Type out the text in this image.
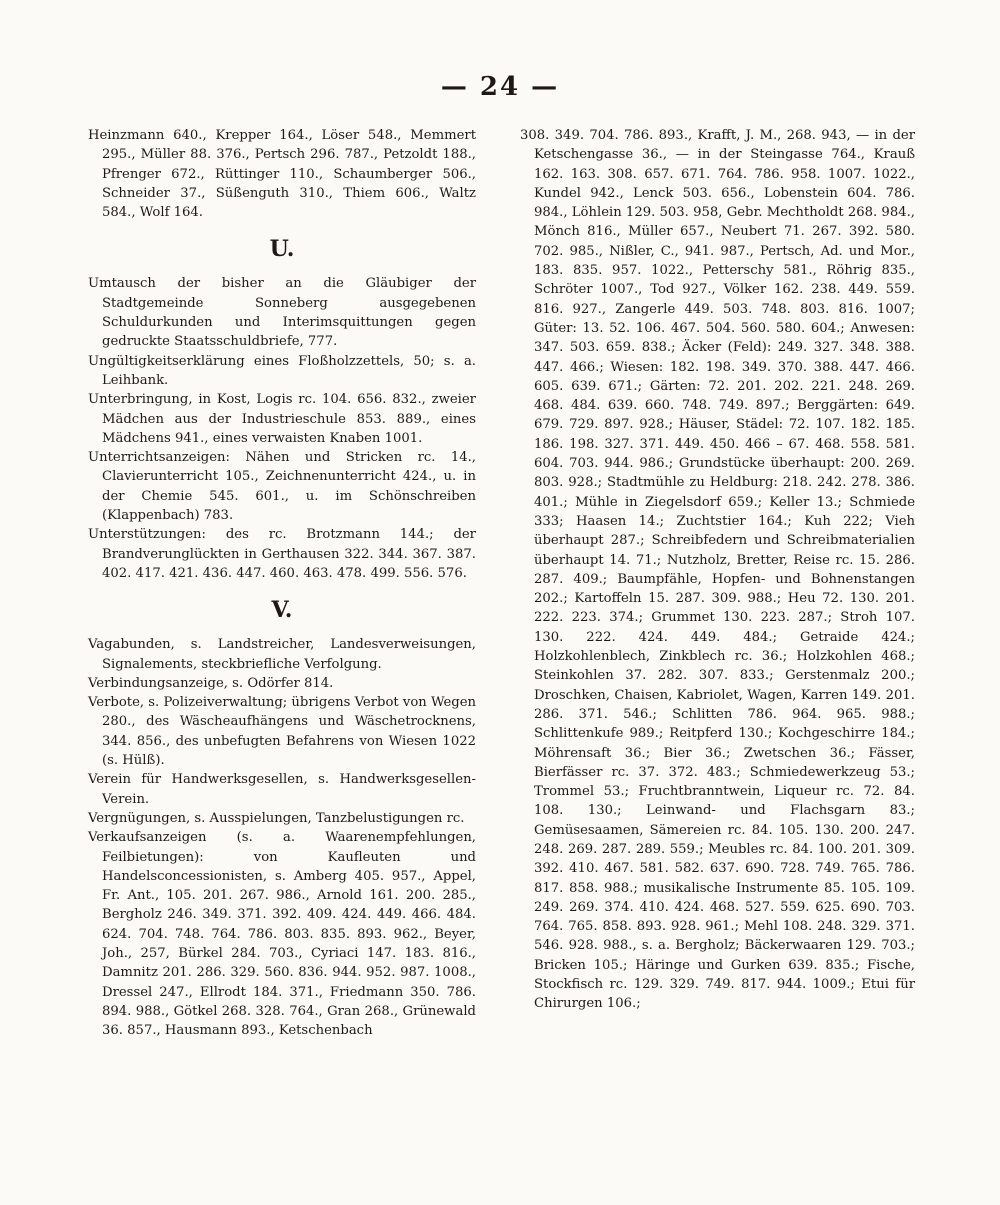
— 24 —

Heinzmann 640., Krepper 164., Löser 548., Memmert 295., Müller 88. 376., Pertsch 296. 787., Petzoldt 188., Pfrenger 672., Rüttinger 110., Schaumberger 506., Schneider 37., Süßenguth 310., Thiem 606., Waltz 584., Wolf 164.

U.

Umtausch der bisher an die Gläubiger der Stadtgemeinde Sonneberg ausgegebenen Schuldurkunden und Interimsquittungen gegen gedruckte Staatsschuldbriefe, 777.

Ungültigkeitserklärung eines Floßholzzettels, 50; s. a. Leihbank.

Unterbringung, in Kost, Logis rc. 104. 656. 832., zweier Mädchen aus der Industrieschule 853. 889., eines Mädchens 941., eines verwaisten Knaben 1001.

Unterrichtsanzeigen: Nähen und Stricken rc. 14., Clavierunterricht 105., Zeichnenunterricht 424., u. in der Chemie 545. 601., u. im Schönschreiben (Klappenbach) 783.

Unterstützungen: des rc. Brotzmann 144.; der Brandverunglückten in Gerthausen 322. 344. 367. 387. 402. 417. 421. 436. 447. 460. 463. 478. 499. 556. 576.

V.

Vagabunden, s. Landstreicher, Landesverweisungen, Signalements, steckbriefliche Verfolgung.

Verbindungsanzeige, s. Odörfer 814.

Verbote, s. Polizeiverwaltung; übrigens Verbot von Wegen 280., des Wäscheaufhängens und Wäschetrocknens, 344. 856., des unbefugten Befahrens von Wiesen 1022 (s. Hülß).

Verein für Handwerksgesellen, s. Handwerksgesellen-Verein.

Vergnügungen, s. Ausspielungen, Tanzbelustigungen rc.

Verkaufsanzeigen (s. a. Waarenempfehlungen, Feilbietungen): von Kaufleuten und Handelsconcessionisten, s. Amberg 405. 957., Appel, Fr. Ant., 105. 201. 267. 986., Arnold 161. 200. 285., Bergholz 246. 349. 371. 392. 409. 424. 449. 466. 484. 624. 704. 748. 764. 786. 803. 835. 893. 962., Beyer, Joh., 257, Bürkel 284. 703., Cyriaci 147. 183. 816., Damnitz 201. 286. 329. 560. 836. 944. 952. 987. 1008., Dressel 247., Ellrodt 184. 371., Friedmann 350. 786. 894. 988., Götkel 268. 328. 764., Gran 268., Grünewald 36. 857., Hausmann 893., Ketschenbach

308. 349. 704. 786. 893., Krafft, J. M., 268. 943, — in der Ketschengasse 36., — in der Steingasse 764., Krauß 162. 163. 308. 657. 671. 764. 786. 958. 1007. 1022., Kundel 942., Lenck 503. 656., Lobenstein 604. 786. 984., Löhlein 129. 503. 958, Gebr. Mechtholdt 268. 984., Mönch 816., Müller 657., Neubert 71. 267. 392. 580. 702. 985., Nißler, C., 941. 987., Pertsch, Ad. und Mor., 183. 835. 957. 1022., Petterschy 581., Röhrig 835., Schröter 1007., Tod 927., Völker 162. 238. 449. 559. 816. 927., Zangerle 449. 503. 748. 803. 816. 1007; Güter: 13. 52. 106. 467. 504. 560. 580. 604.; Anwesen: 347. 503. 659. 838.; Äcker (Feld): 249. 327. 348. 388. 447. 466.; Wiesen: 182. 198. 349. 370. 388. 447. 466. 605. 639. 671.; Gärten: 72. 201. 202. 221. 248. 269. 468. 484. 639. 660. 748. 749. 897.; Berggärten: 649. 679. 729. 897. 928.; Häuser, Städel: 72. 107. 182. 185. 186. 198. 327. 371. 449. 450. 466 – 67. 468. 558. 581. 604. 703. 944. 986.; Grundstücke überhaupt: 200. 269. 803. 928.; Stadtmühle zu Heldburg: 218. 242. 278. 386. 401.; Mühle in Ziegelsdorf 659.; Keller 13.; Schmiede 333; Haasen 14.; Zuchtstier 164.; Kuh 222; Vieh überhaupt 287.; Schreibfedern und Schreibmaterialien überhaupt 14. 71.; Nutzholz, Bretter, Reise rc. 15. 286. 287. 409.; Baumpfähle, Hopfen- und Bohnenstangen 202.; Kartoffeln 15. 287. 309. 988.; Heu 72. 130. 201. 222. 223. 374.; Grummet 130. 223. 287.; Stroh 107. 130. 222. 424. 449. 484.; Getraide 424.; Holzkohlenblech, Zinkblech rc. 36.; Holzkohlen 468.; Steinkohlen 37. 282. 307. 833.; Gerstenmalz 200.; Droschken, Chaisen, Kabriolet, Wagen, Karren 149. 201. 286. 371. 546.; Schlitten 786. 964. 965. 988.; Schlittenkufe 989.; Reitpferd 130.; Kochgeschirre 184.; Möhrensaft 36.; Bier 36.; Zwetschen 36.; Fässer, Bierfässer rc. 37. 372. 483.; Schmiedewerkzeug 53.; Trommel 53.; Fruchtbranntwein, Liqueur rc. 72. 84. 108. 130.; Leinwand- und Flachsgarn 83.; Gemüsesaamen, Sämereien rc. 84. 105. 130. 200. 247. 248. 269. 287. 289. 559.; Meubles rc. 84. 100. 201. 309. 392. 410. 467. 581. 582. 637. 690. 728. 749. 765. 786. 817. 858. 988.; musikalische Instrumente 85. 105. 109. 249. 269. 374. 410. 424. 468. 527. 559. 625. 690. 703. 764. 765. 858. 893. 928. 961.; Mehl 108. 248. 329. 371. 546. 928. 988., s. a. Bergholz; Bäckerwaaren 129. 703.; Bricken 105.; Häringe und Gurken 639. 835.; Fische, Stockfisch rc. 129. 329. 749. 817. 944. 1009.; Etui für Chirurgen 106.;
